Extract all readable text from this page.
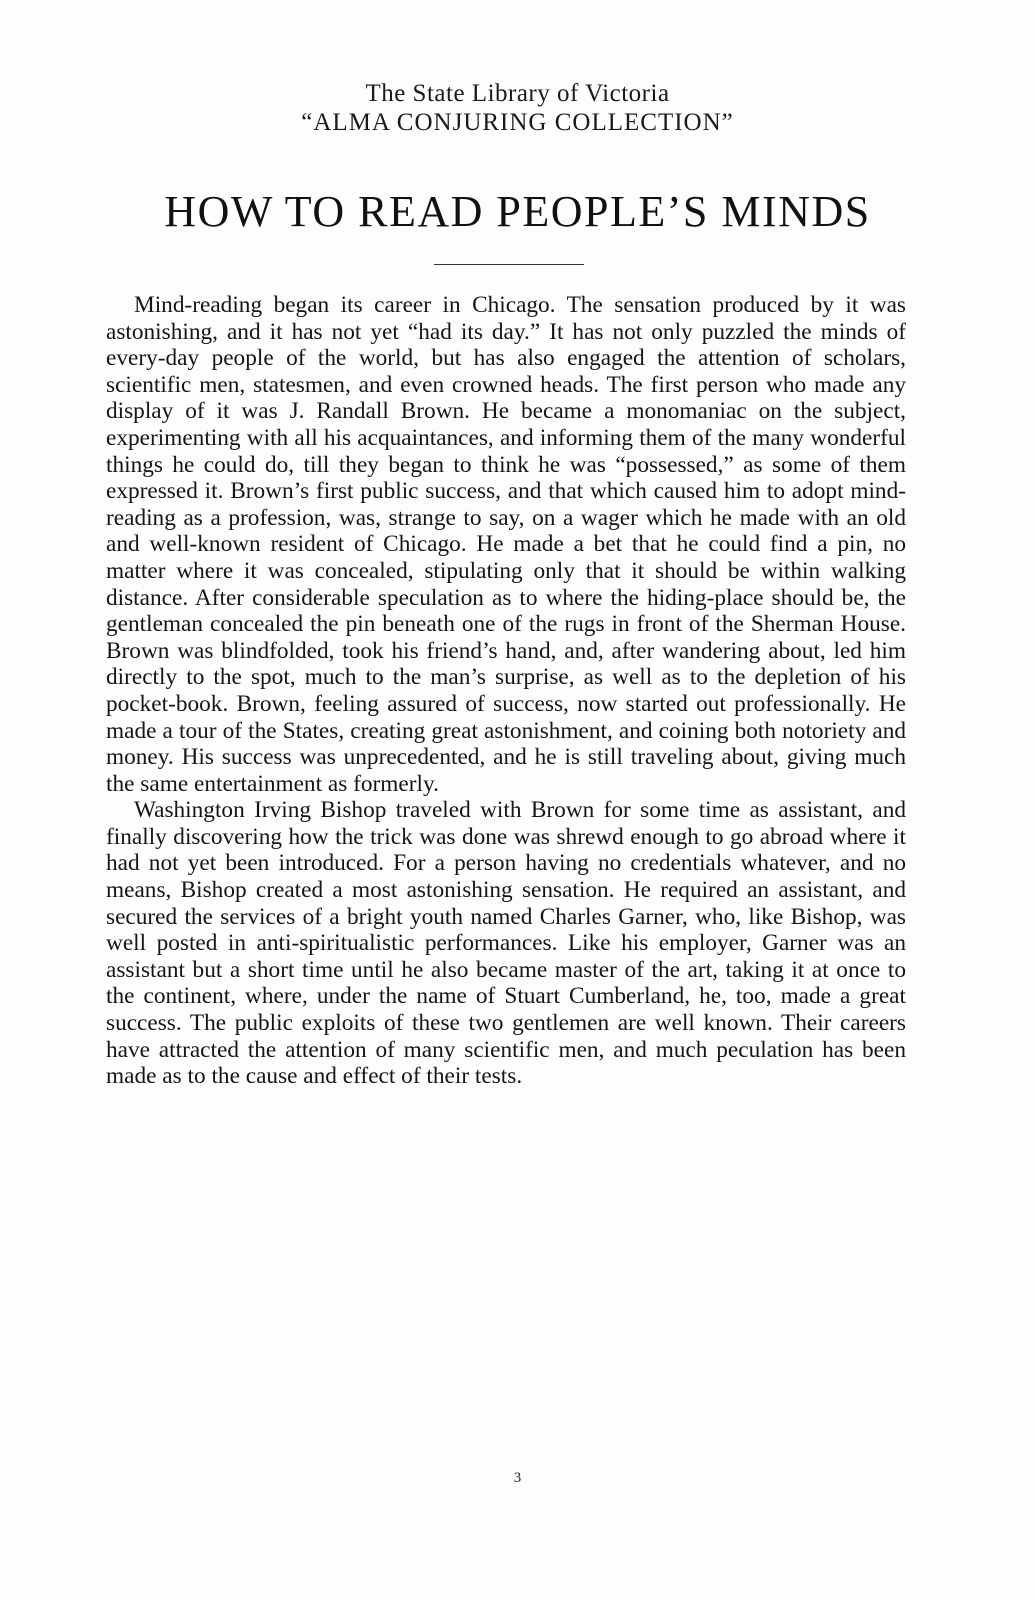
The State Library of Victoria
“ALMA CONJURING COLLECTION”
HOW TO READ PEOPLE’S MINDS

Mind-reading began its career in Chicago. The sensation produced by it was astonishing, and it has not yet “had its day.” It has not only puzzled the minds of every-day people of the world, but has also engaged the attention of scholars, scientific men, statesmen, and even crowned heads. The first person who made any display of it was J. Randall Brown. He became a monomaniac on the subject, experimenting with all his acquaintances, and informing them of the many wonderful things he could do, till they began to think he was “possessed,” as some of them expressed it. Brown’s first public success, and that which caused him to adopt mind-reading as a profession, was, strange to say, on a wager which he made with an old and well-known resident of Chicago. He made a bet that he could find a pin, no matter where it was concealed, stipulating only that it should be within walking distance. After considerable speculation as to where the hiding-place should be, the gentleman concealed the pin beneath one of the rugs in front of the Sherman House. Brown was blindfolded, took his friend’s hand, and, after wandering about, led him directly to the spot, much to the man’s surprise, as well as to the depletion of his pocket-book. Brown, feeling assured of success, now started out professionally. He made a tour of the States, creating great astonishment, and coining both notoriety and money. His success was unprecedented, and he is still traveling about, giving much the same entertainment as formerly.

Washington Irving Bishop traveled with Brown for some time as assistant, and finally discovering how the trick was done was shrewd enough to go abroad where it had not yet been introduced. For a person having no credentials whatever, and no means, Bishop created a most astonishing sensation. He required an assistant, and secured the services of a bright youth named Charles Garner, who, like Bishop, was well posted in anti-spiritualistic performances. Like his employer, Garner was an assistant but a short time until he also became master of the art, taking it at once to the continent, where, under the name of Stuart Cumberland, he, too, made a great success. The public exploits of these two gentlemen are well known. Their careers have attracted the attention of many scientific men, and much peculation has been made as to the cause and effect of their tests.

3
